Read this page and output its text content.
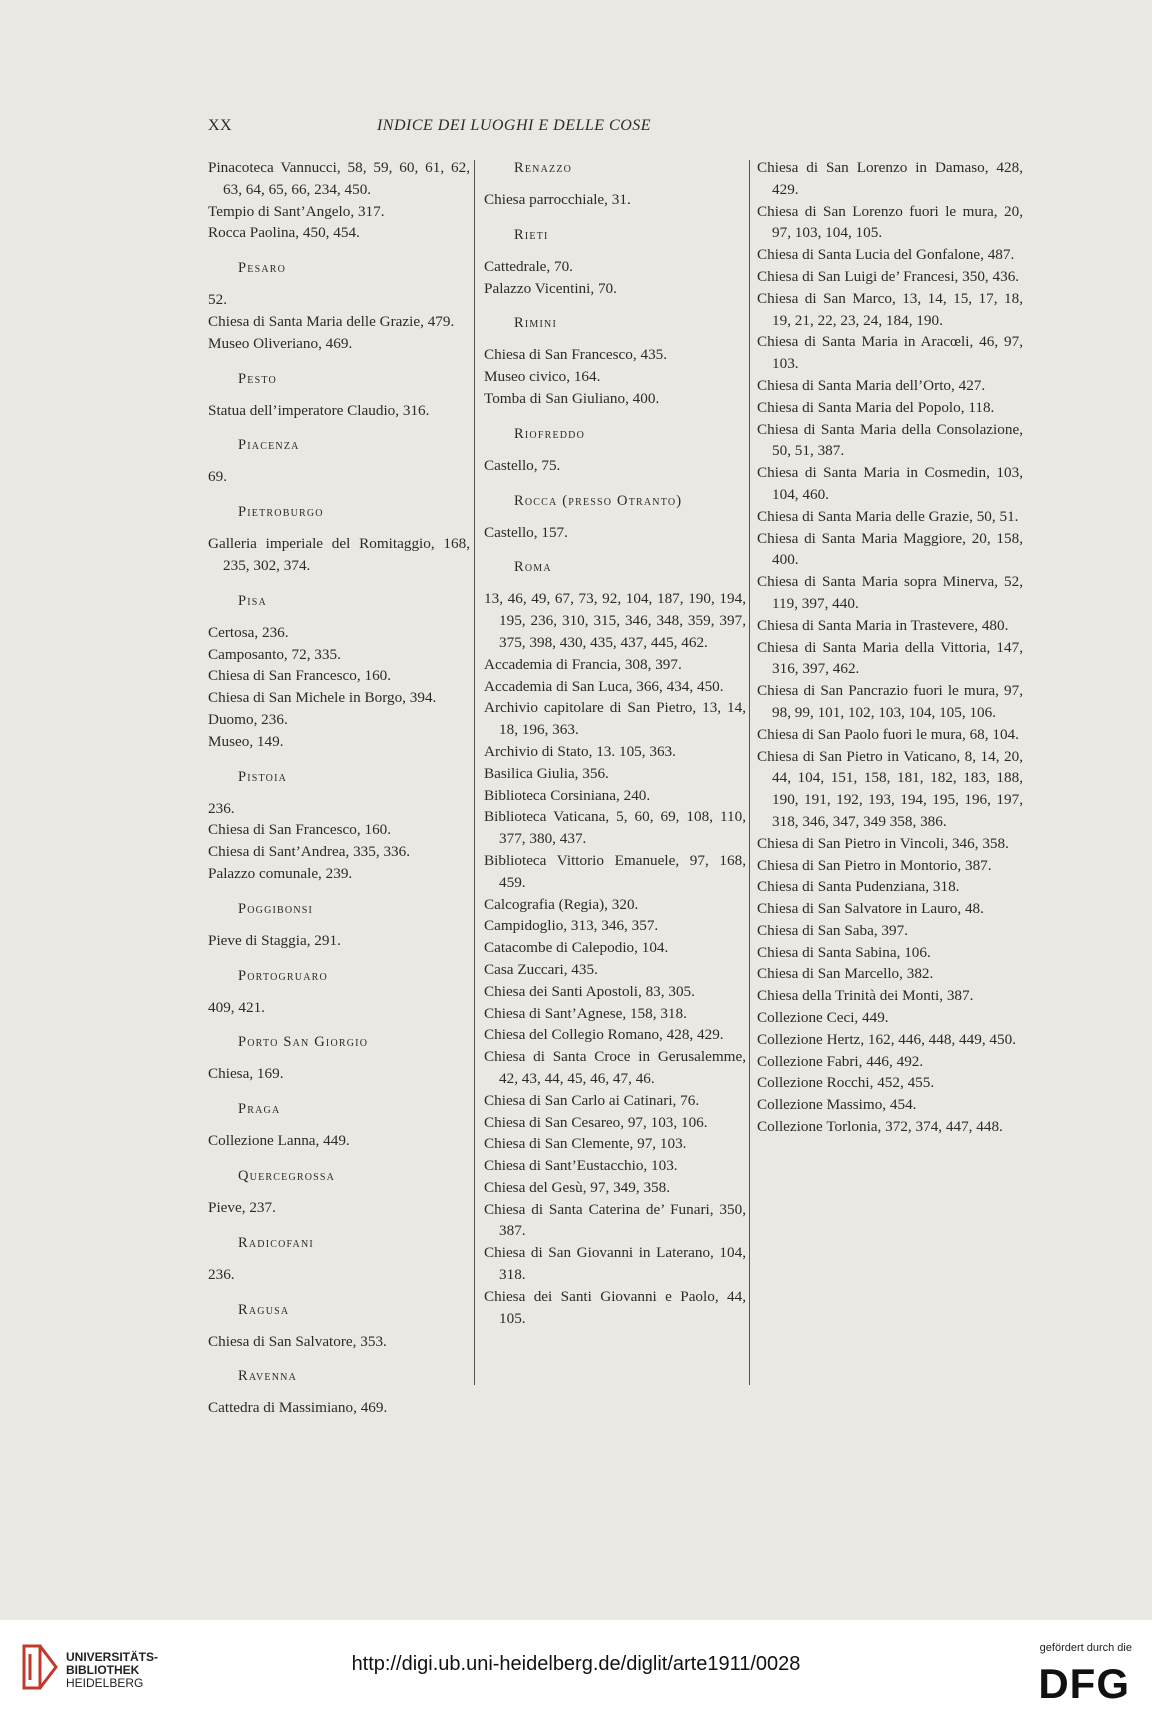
XX	INDICE DEI LUOGHI E DELLE COSE
Pinacoteca Vannucci, 58, 59, 60, 61, 62, 63, 64, 65, 66, 234, 450.
Tempio di Sant’Angelo, 317.
Rocca Paolina, 450, 454.
Pesaro
52.
Chiesa di Santa Maria delle Grazie, 479.
Museo Oliveriano, 469.
Pesto
Statua dell’imperatore Claudio, 316.
Piacenza
69.
Pietroburgo
Galleria imperiale del Romitaggio, 168, 235, 302, 374.
Pisa
Certosa, 236.
Camposanto, 72, 335.
Chiesa di San Francesco, 160.
Chiesa di San Michele in Borgo, 394.
Duomo, 236.
Museo, 149.
Pistoia
236.
Chiesa di San Francesco, 160.
Chiesa di Sant’Andrea, 335, 336.
Palazzo comunale, 239.
Poggibonsi
Pieve di Staggia, 291.
Portogruaro
409, 421.
Porto San Giorgio
Chiesa, 169.
Praga
Collezione Lanna, 449.
Quercegrossa
Pieve, 237.
Radicofani
236.
Ragusa
Chiesa di San Salvatore, 353.
Ravenna
Cattedra di Massimiano, 469.
Renazzo
Chiesa parrocchiale, 31.
Rieti
Cattedrale, 70.
Palazzo Vicentini, 70.
Rimini
Chiesa di San Francesco, 435.
Museo civico, 164.
Tomba di San Giuliano, 400.
Riofreddo
Castello, 75.
Rocca (presso Otranto)
Castello, 157.
Roma
13, 46, 49, 67, 73, 92, 104, 187, 190, 194, 195, 236, 310, 315, 346, 348, 359, 397, 375, 398, 430, 435, 437, 445, 462.
Accademia di Francia, 308, 397.
Accademia di San Luca, 366, 434, 450.
Archivio capitolare di San Pietro, 13, 14, 18, 196, 363.
Archivio di Stato, 13. 105, 363.
Basilica Giulia, 356.
Biblioteca Corsiniana, 240.
Biblioteca Vaticana, 5, 60, 69, 108, 110, 377, 380, 437.
Biblioteca Vittorio Emanuele, 97, 168, 459.
Calcografia (Regia), 320.
Campidoglio, 313, 346, 357.
Catacombe di Calepodio, 104.
Casa Zuccari, 435.
Chiesa dei Santi Apostoli, 83, 305.
Chiesa di Sant’Agnese, 158, 318.
Chiesa del Collegio Romano, 428, 429.
Chiesa di Santa Croce in Gerusalemme, 42, 43, 44, 45, 46, 47, 46.
Chiesa di San Carlo ai Catinari, 76.
Chiesa di San Cesareo, 97, 103, 106.
Chiesa di San Clemente, 97, 103.
Chiesa di Sant’Eustacchio, 103.
Chiesa del Gesù, 97, 349, 358.
Chiesa di Santa Caterina de’ Funari, 350, 387.
Chiesa di San Giovanni in Laterano, 104, 318.
Chiesa dei Santi Giovanni e Paolo, 44, 105.
Chiesa di San Lorenzo in Damaso, 428, 429.
Chiesa di San Lorenzo fuori le mura, 20, 97, 103, 104, 105.
Chiesa di Santa Lucia del Gonfalone, 487.
Chiesa di San Luigi de’ Francesi, 350, 436.
Chiesa di San Marco, 13, 14, 15, 17, 18, 19, 21, 22, 23, 24, 184, 190.
Chiesa di Santa Maria in Aracœli, 46, 97, 103.
Chiesa di Santa Maria dell’Orto, 427.
Chiesa di Santa Maria del Popolo, 118.
Chiesa di Santa Maria della Consolazione, 50, 51, 387.
Chiesa di Santa Maria in Cosmedin, 103, 104, 460.
Chiesa di Santa Maria delle Grazie, 50, 51.
Chiesa di Santa Maria Maggiore, 20, 158, 400.
Chiesa di Santa Maria sopra Minerva, 52, 119, 397, 440.
Chiesa di Santa Maria in Trastevere, 480.
Chiesa di Santa Maria della Vittoria, 147, 316, 397, 462.
Chiesa di San Pancrazio fuori le mura, 97, 98, 99, 101, 102, 103, 104, 105, 106.
Chiesa di San Paolo fuori le mura, 68, 104.
Chiesa di San Pietro in Vaticano, 8, 14, 20, 44, 104, 151, 158, 181, 182, 183, 188, 190, 191, 192, 193, 194, 195, 196, 197, 318, 346, 347, 349 358, 386.
Chiesa di San Pietro in Vincoli, 346, 358.
Chiesa di San Pietro in Montorio, 387.
Chiesa di Santa Pudenziana, 318.
Chiesa di San Salvatore in Lauro, 48.
Chiesa di San Saba, 397.
Chiesa di Santa Sabina, 106.
Chiesa di San Marcello, 382.
Chiesa della Trinità dei Monti, 387.
Collezione Ceci, 449.
Collezione Hertz, 162, 446, 448, 449, 450.
Collezione Fabri, 446, 492.
Collezione Rocchi, 452, 455.
Collezione Massimo, 454.
Collezione Torlonia, 372, 374, 447, 448.
UNIVERSITÄTS-
BIBLIOTHEK
HEIDELBERG
http://digi.ub.uni-heidelberg.de/diglit/arte1911/0028
gefördert durch die
DFG
